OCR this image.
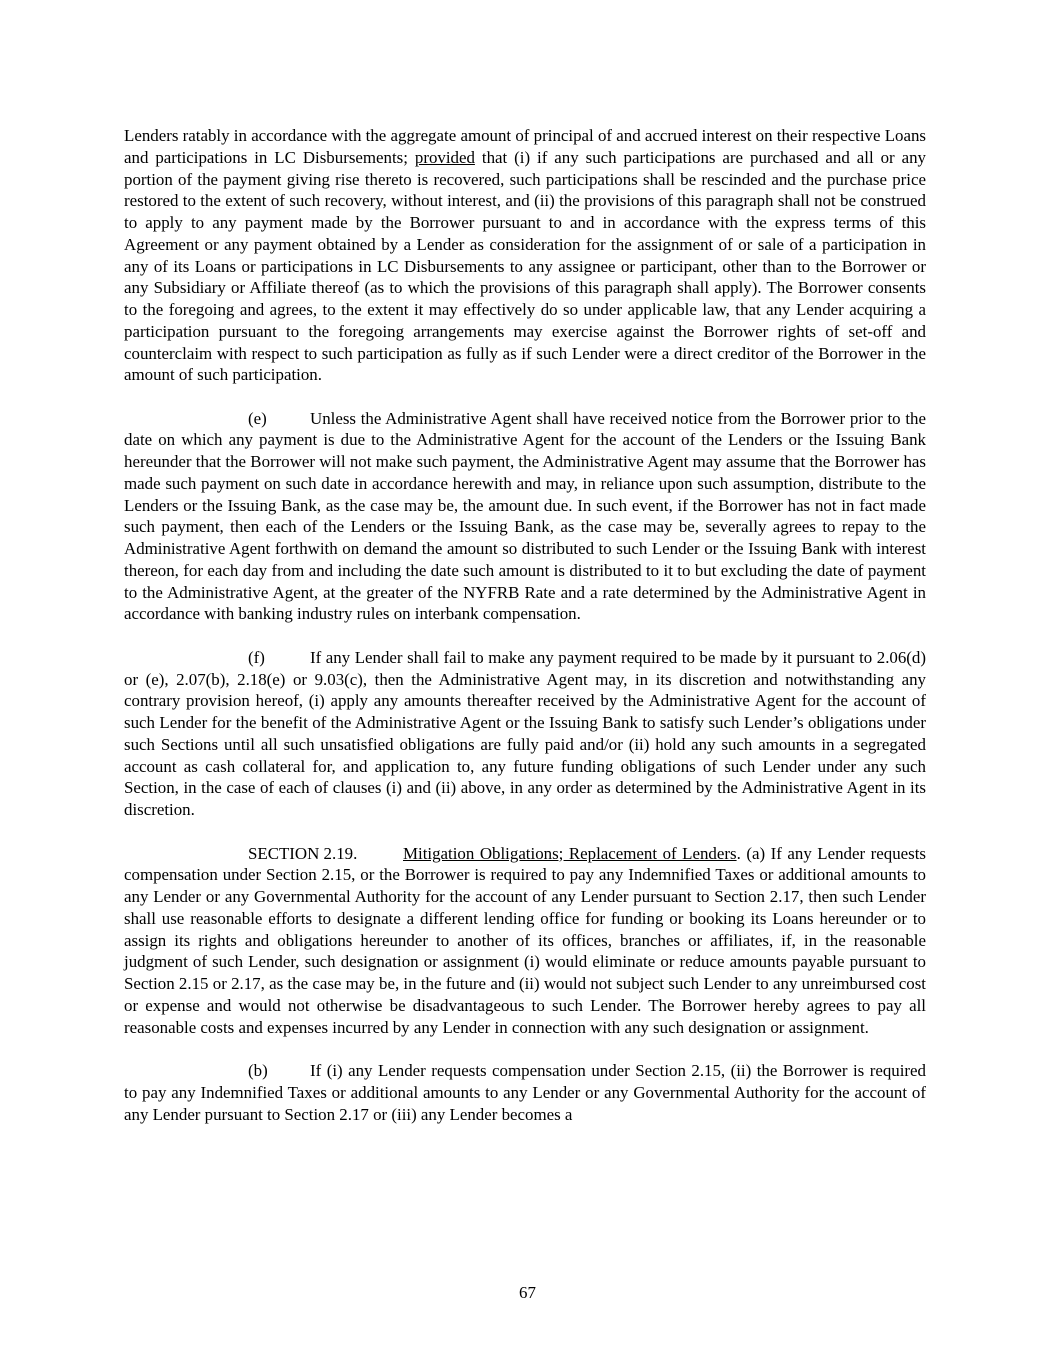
Lenders ratably in accordance with the aggregate amount of principal of and accrued interest on their respective Loans and participations in LC Disbursements; provided that (i) if any such participations are purchased and all or any portion of the payment giving rise thereto is recovered, such participations shall be rescinded and the purchase price restored to the extent of such recovery, without interest, and (ii) the provisions of this paragraph shall not be construed to apply to any payment made by the Borrower pursuant to and in accordance with the express terms of this Agreement or any payment obtained by a Lender as consideration for the assignment of or sale of a participation in any of its Loans or participations in LC Disbursements to any assignee or participant, other than to the Borrower or any Subsidiary or Affiliate thereof (as to which the provisions of this paragraph shall apply). The Borrower consents to the foregoing and agrees, to the extent it may effectively do so under applicable law, that any Lender acquiring a participation pursuant to the foregoing arrangements may exercise against the Borrower rights of set-off and counterclaim with respect to such participation as fully as if such Lender were a direct creditor of the Borrower in the amount of such participation.

(e)	Unless the Administrative Agent shall have received notice from the Borrower prior to the date on which any payment is due to the Administrative Agent for the account of the Lenders or the Issuing Bank hereunder that the Borrower will not make such payment, the Administrative Agent may assume that the Borrower has made such payment on such date in accordance herewith and may, in reliance upon such assumption, distribute to the Lenders or the Issuing Bank, as the case may be, the amount due. In such event, if the Borrower has not in fact made such payment, then each of the Lenders or the Issuing Bank, as the case may be, severally agrees to repay to the Administrative Agent forthwith on demand the amount so distributed to such Lender or the Issuing Bank with interest thereon, for each day from and including the date such amount is distributed to it to but excluding the date of payment to the Administrative Agent, at the greater of the NYFRB Rate and a rate determined by the Administrative Agent in accordance with banking industry rules on interbank compensation.

(f)	If any Lender shall fail to make any payment required to be made by it pursuant to 2.06(d) or (e), 2.07(b), 2.18(e) or 9.03(c), then the Administrative Agent may, in its discretion and notwithstanding any contrary provision hereof, (i) apply any amounts thereafter received by the Administrative Agent for the account of such Lender for the benefit of the Administrative Agent or the Issuing Bank to satisfy such Lender’s obligations under such Sections until all such unsatisfied obligations are fully paid and/or (ii) hold any such amounts in a segregated account as cash collateral for, and application to, any future funding obligations of such Lender under any such Section, in the case of each of clauses (i) and (ii) above, in any order as determined by the Administrative Agent in its discretion.

SECTION 2.19.	Mitigation Obligations; Replacement of Lenders. (a) If any Lender requests compensation under Section 2.15, or the Borrower is required to pay any Indemnified Taxes or additional amounts to any Lender or any Governmental Authority for the account of any Lender pursuant to Section 2.17, then such Lender shall use reasonable efforts to designate a different lending office for funding or booking its Loans hereunder or to assign its rights and obligations hereunder to another of its offices, branches or affiliates, if, in the reasonable judgment of such Lender, such designation or assignment (i) would eliminate or reduce amounts payable pursuant to Section 2.15 or 2.17, as the case may be, in the future and (ii) would not subject such Lender to any unreimbursed cost or expense and would not otherwise be disadvantageous to such Lender. The Borrower hereby agrees to pay all reasonable costs and expenses incurred by any Lender in connection with any such designation or assignment.

(b)	If (i) any Lender requests compensation under Section 2.15, (ii) the Borrower is required to pay any Indemnified Taxes or additional amounts to any Lender or any Governmental Authority for the account of any Lender pursuant to Section 2.17 or (iii) any Lender becomes a

67
